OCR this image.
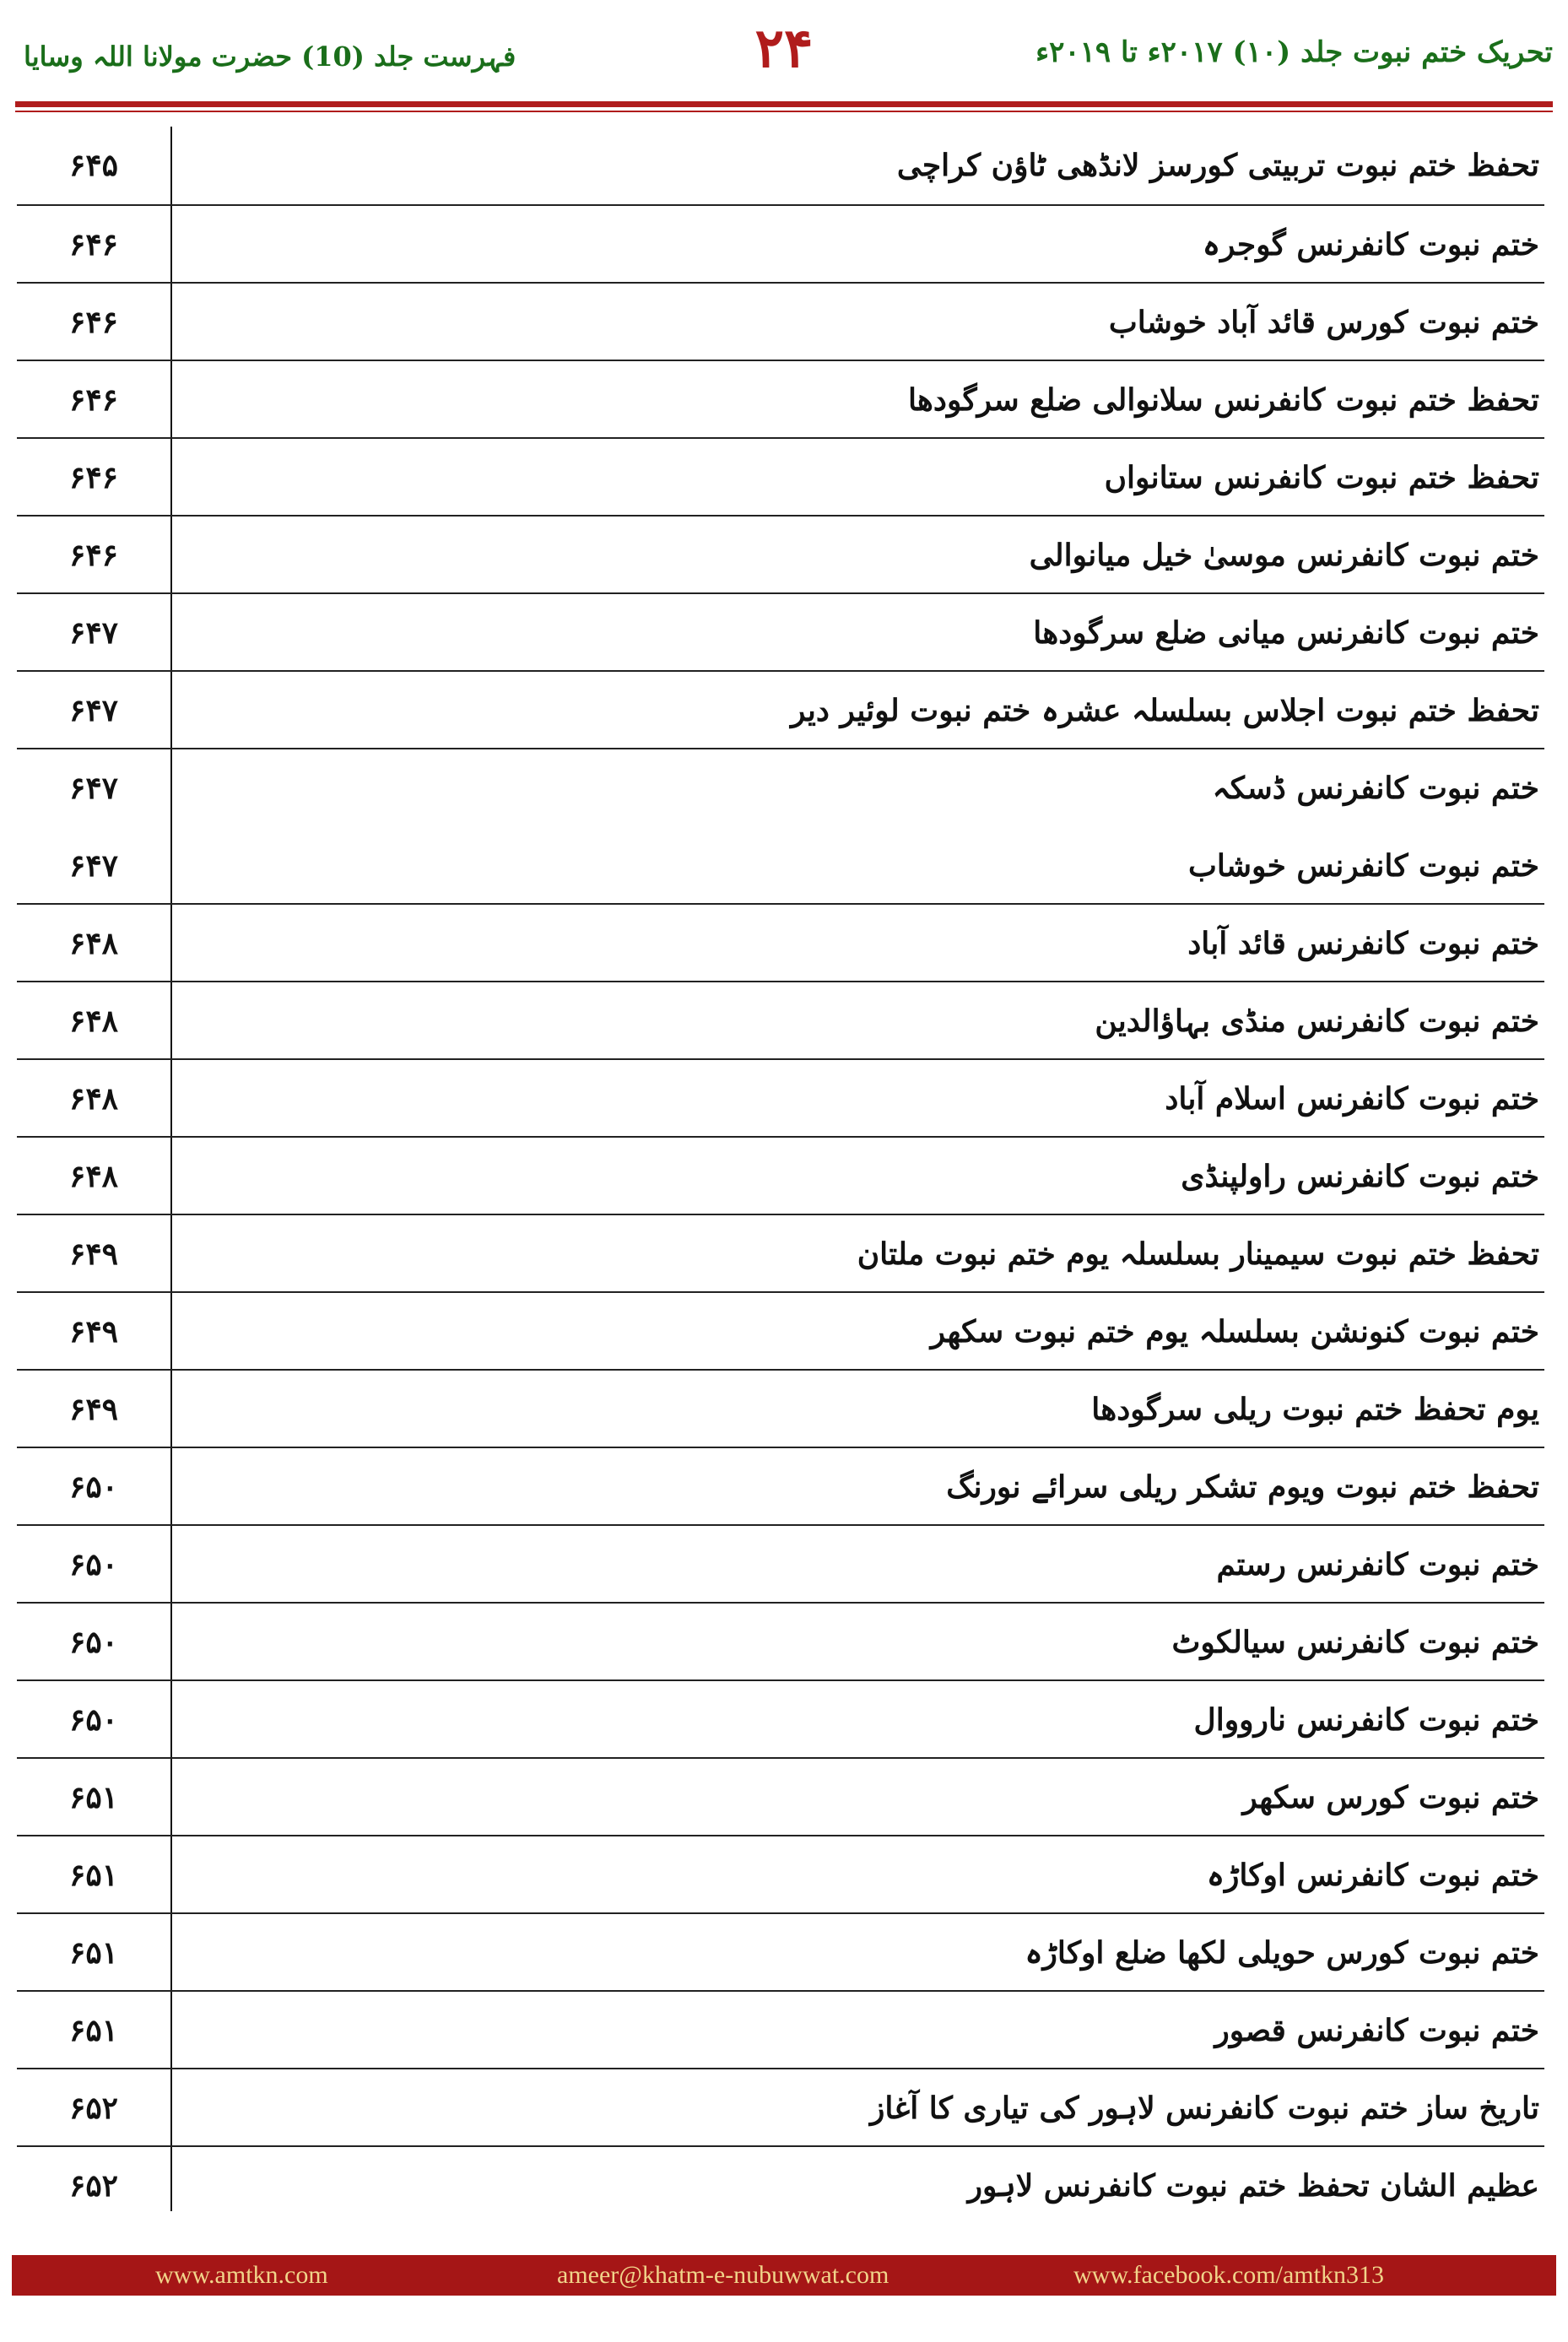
تحریک ختم نبوت جلد (۱۰) ۲۰۱۷ء تا ۲۰۱۹ء
۲۴
فہرست جلد (10) حضرت مولانا اللہ وسایا
۶۴۵	تحفظ ختم نبوت تربیتی کورسز لانڈھی ٹاؤن کراچی
۶۴۶	ختم نبوت کانفرنس گوجرہ
۶۴۶	ختم نبوت کورس قائد آباد خوشاب
۶۴۶	تحفظ ختم نبوت کانفرنس سلانوالی ضلع سرگودھا
۶۴۶	تحفظ ختم نبوت کانفرنس ستانواں
۶۴۶	ختم نبوت کانفرنس موسیٰ خیل میانوالی
۶۴۷	ختم نبوت کانفرنس میانی ضلع سرگودھا
۶۴۷	تحفظ ختم نبوت اجلاس بسلسلہ عشرہ ختم نبوت لوئیر دیر
۶۴۷	ختم نبوت کانفرنس ڈسکہ
۶۴۷	ختم نبوت کانفرنس خوشاب
۶۴۸	ختم نبوت کانفرنس قائد آباد
۶۴۸	ختم نبوت کانفرنس منڈی بہاؤالدین
۶۴۸	ختم نبوت کانفرنس اسلام آباد
۶۴۸	ختم نبوت کانفرنس راولپنڈی
۶۴۹	تحفظ ختم نبوت سیمینار بسلسلہ یوم ختم نبوت ملتان
۶۴۹	ختم نبوت کنونشن بسلسلہ یوم ختم نبوت سکھر
۶۴۹	یوم تحفظ ختم نبوت ریلی سرگودھا
۶۵۰	تحفظ ختم نبوت ویوم تشکر ریلی سرائے نورنگ
۶۵۰	ختم نبوت کانفرنس رستم
۶۵۰	ختم نبوت کانفرنس سیالکوٹ
۶۵۰	ختم نبوت کانفرنس نارووال
۶۵۱	ختم نبوت کورس سکھر
۶۵۱	ختم نبوت کانفرنس اوکاڑہ
۶۵۱	ختم نبوت کورس حویلی لکھا ضلع اوکاڑہ
۶۵۱	ختم نبوت کانفرنس قصور
۶۵۲	تاریخ ساز ختم نبوت کانفرنس لاہور کی تیاری کا آغاز
۶۵۲	عظیم الشان تحفظ ختم نبوت کانفرنس لاہور
www.amtkn.com	ameer@khatm-e-nubuwwat.com	www.facebook.com/amtkn313
